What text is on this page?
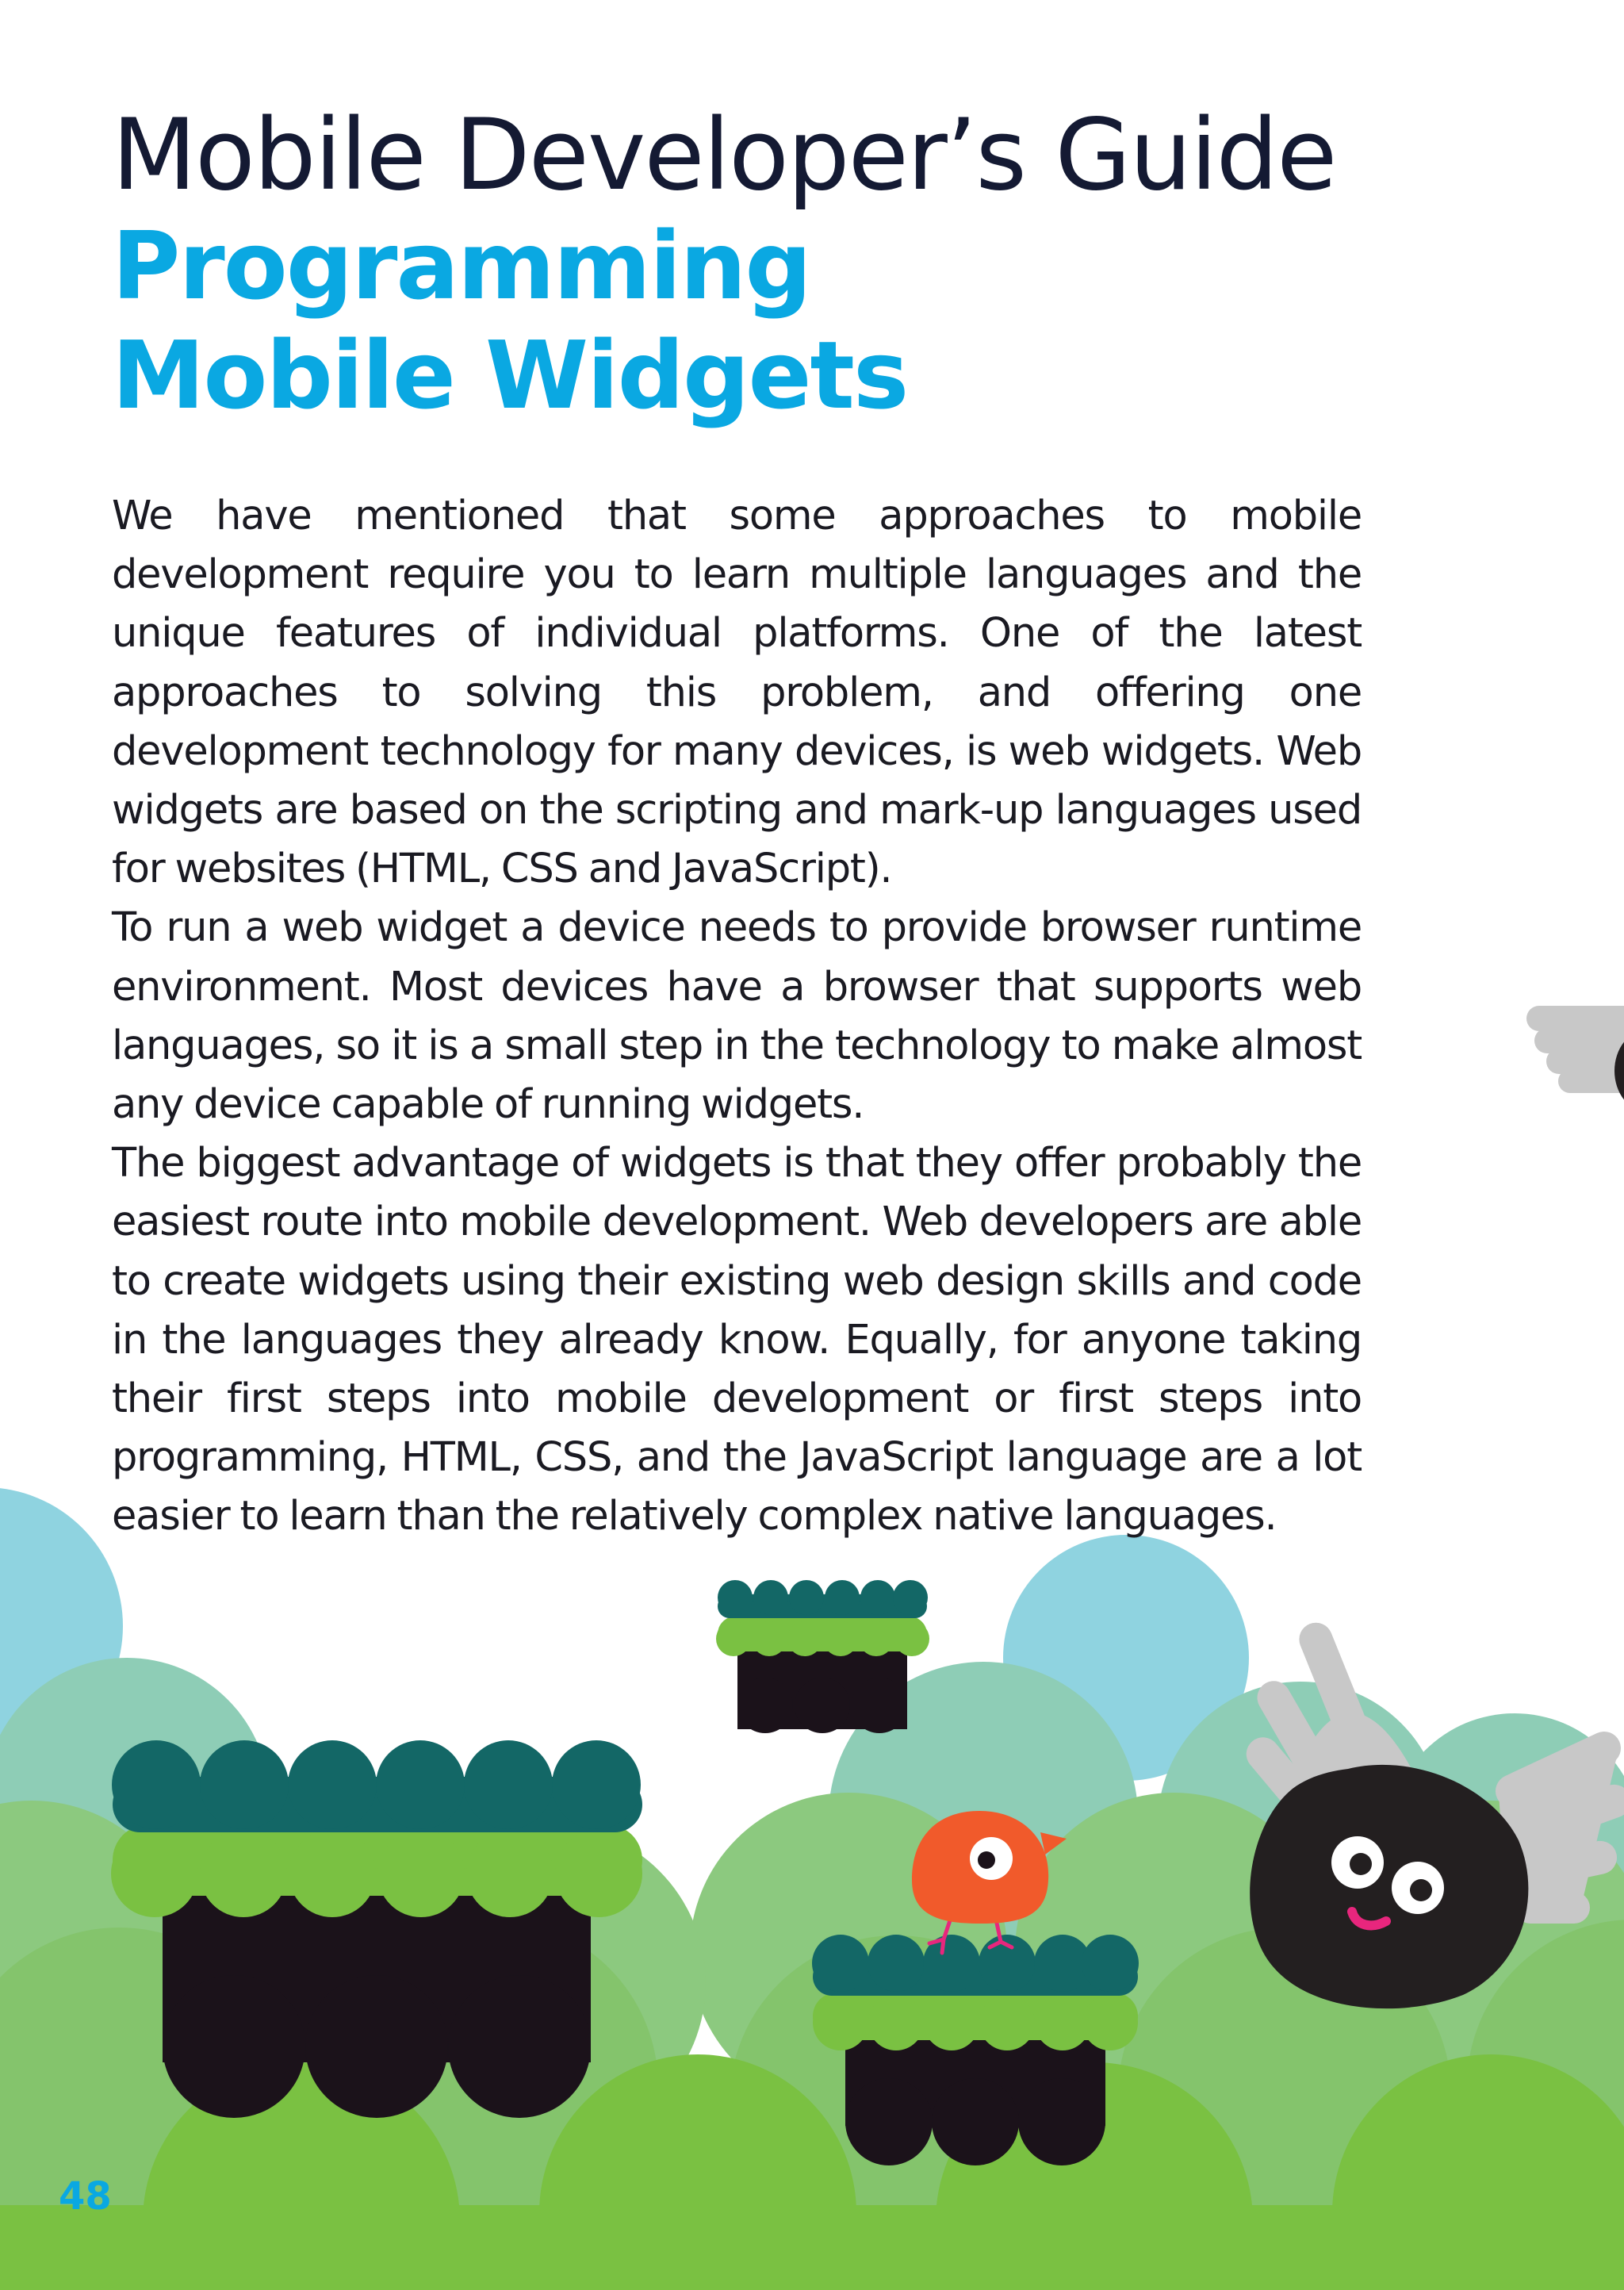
Mobile Developer’s Guide
Programming Mobile Widgets

We have mentioned that some approaches to mobile development require you to learn multiple languages and the unique features of individual platforms. One of the latest approaches to solving this problem, and offering one development technology for many devices, is web widgets. Web widgets are based on the scripting and mark-up languages used for websites (HTML, CSS and JavaScript).

To run a web widget a device needs to provide browser runtime environment. Most devices have a browser that supports web languages, so it is a small step in the technology to make almost any device capable of running widgets.

The biggest advantage of widgets is that they offer probably the easiest route into mobile development. Web developers are able to create widgets using their existing web design skills and code in the languages they already know. Equally, for anyone taking their first steps into mobile development or first steps into programming, HTML, CSS, and the JavaScript language are a lot easier to learn than the relatively complex native languages.

48
